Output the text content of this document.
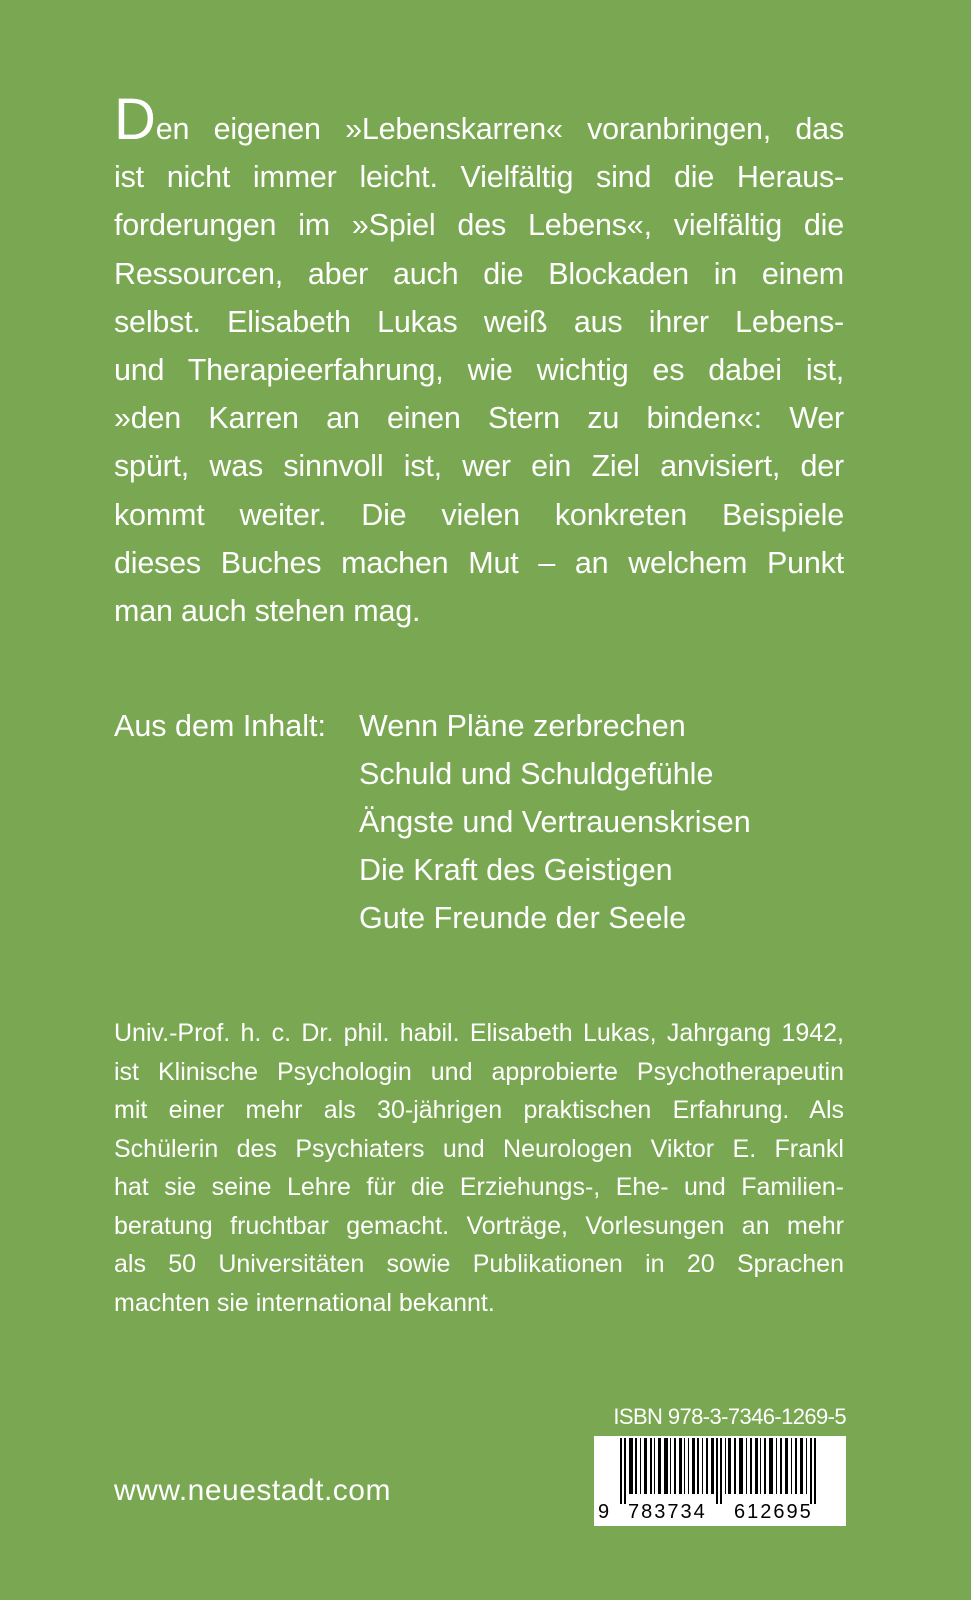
Den eigenen »Lebenskarren« voranbringen, das
ist nicht immer leicht. Vielfältig sind die Heraus-
forderungen im »Spiel des Lebens«, vielfältig die
Ressourcen, aber auch die Blockaden in einem
selbst. Elisabeth Lukas weiß aus ihrer Lebens-
und Therapieerfahrung, wie wichtig es dabei ist,
»den Karren an einen Stern zu binden«: Wer
spürt, was sinnvoll ist, wer ein Ziel anvisiert, der
kommt weiter. Die vielen konkreten Beispiele
dieses Buches machen Mut – an welchem Punkt
man auch stehen mag.
Aus dem Inhalt: Wenn Pläne zerbrechen
Schuld und Schuldgefühle
Ängste und Vertrauenskrisen
Die Kraft des Geistigen
Gute Freunde der Seele
Univ.-Prof. h. c. Dr. phil. habil. Elisabeth Lukas, Jahrgang 1942,
ist Klinische Psychologin und approbierte Psychotherapeutin
mit einer mehr als 30-jährigen praktischen Erfahrung. Als
Schülerin des Psychiaters und Neurologen Viktor E. Frankl
hat sie seine Lehre für die Erziehungs-, Ehe- und Familien-
beratung fruchtbar gemacht. Vorträge, Vorlesungen an mehr
als 50 Universitäten sowie Publikationen in 20 Sprachen
machten sie international bekannt.
www.neuestadt.com
ISBN 978-3-7346-1269-5
9 783734 612695
